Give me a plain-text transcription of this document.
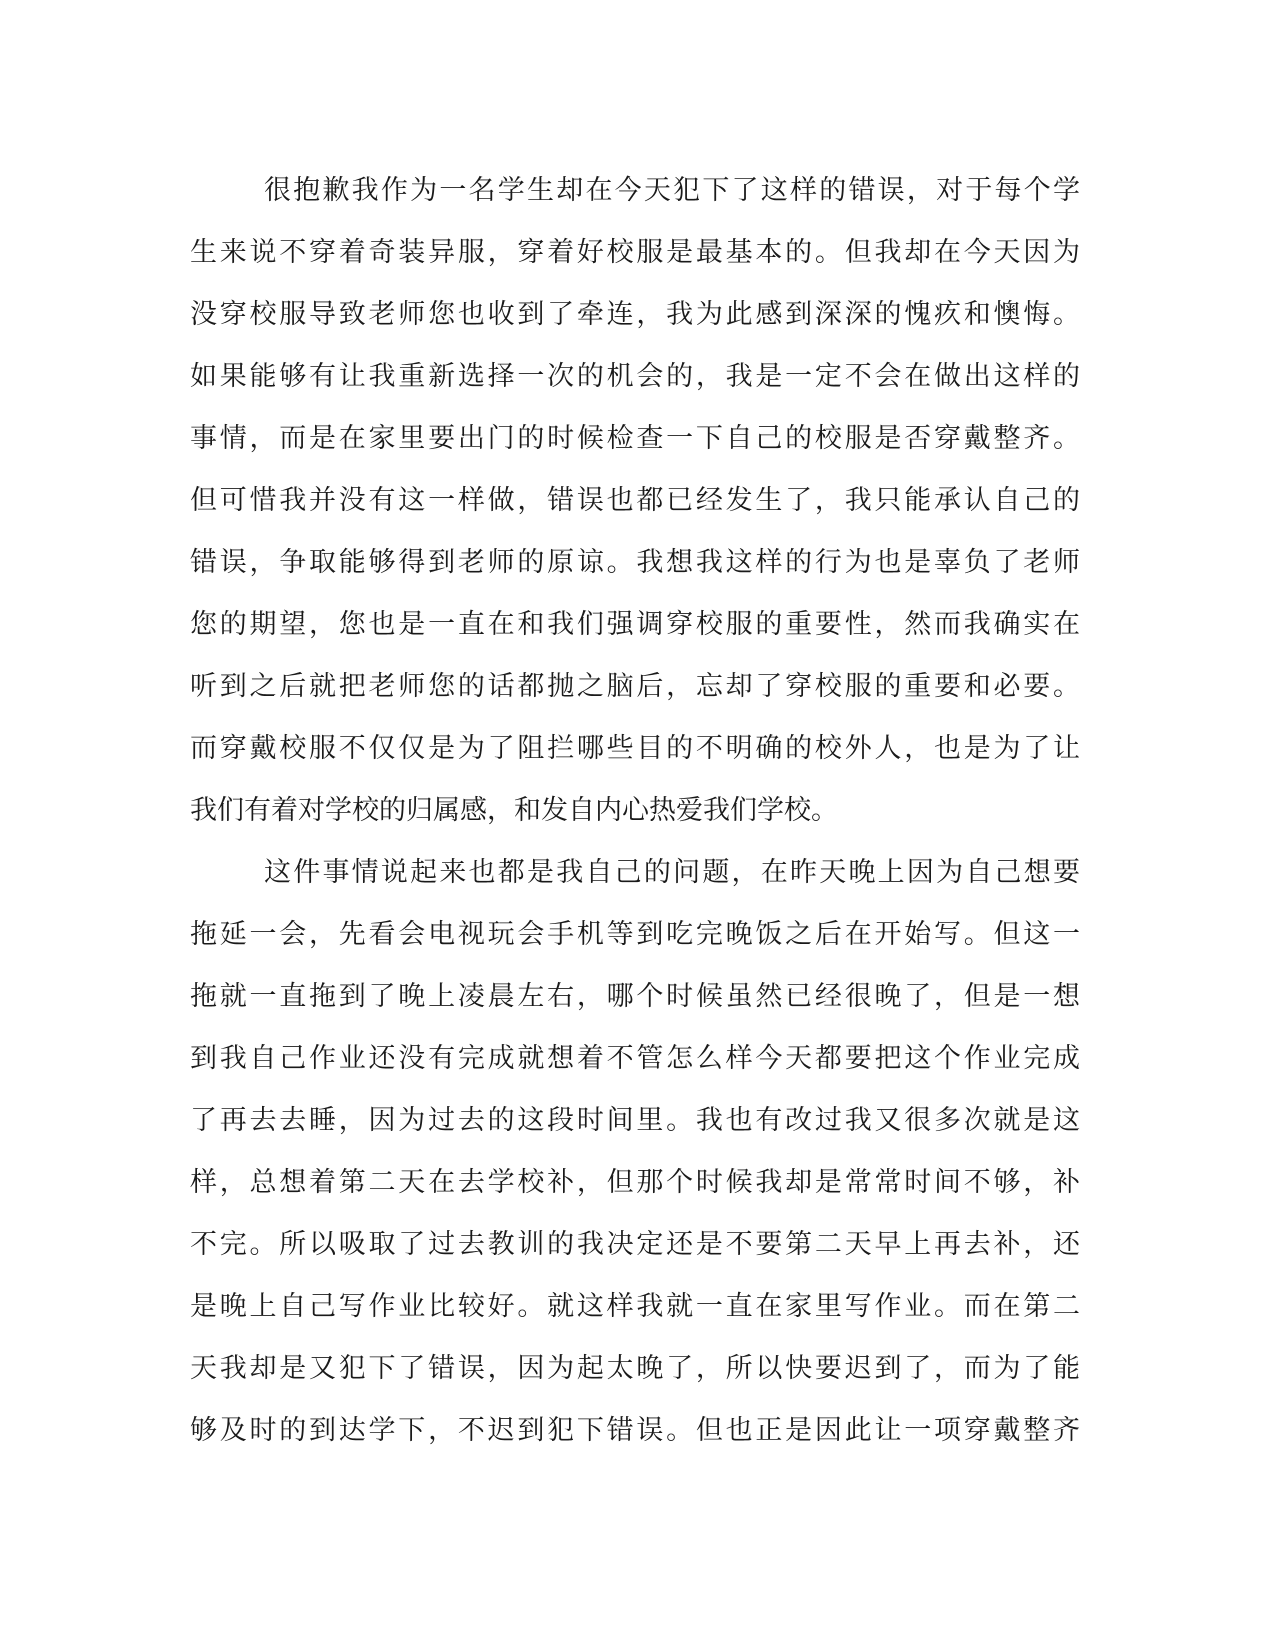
很抱歉我作为一名学生却在今天犯下了这样的错误，对于每个学
生来说不穿着奇装异服，穿着好校服是最基本的。但我却在今天因为
没穿校服导致老师您也收到了牵连，我为此感到深深的愧疚和懊悔。
如果能够有让我重新选择一次的机会的，我是一定不会在做出这样的
事情，而是在家里要出门的时候检查一下自己的校服是否穿戴整齐。
但可惜我并没有这一样做，错误也都已经发生了，我只能承认自己的
错误，争取能够得到老师的原谅。我想我这样的行为也是辜负了老师
您的期望，您也是一直在和我们强调穿校服的重要性，然而我确实在
听到之后就把老师您的话都抛之脑后，忘却了穿校服的重要和必要。
而穿戴校服不仅仅是为了阻拦哪些目的不明确的校外人，也是为了让
我们有着对学校的归属感，和发自内心热爱我们学校。
这件事情说起来也都是我自己的问题，在昨天晚上因为自己想要
拖延一会，先看会电视玩会手机等到吃完晚饭之后在开始写。但这一
拖就一直拖到了晚上凌晨左右，哪个时候虽然已经很晚了，但是一想
到我自己作业还没有完成就想着不管怎么样今天都要把这个作业完成
了再去去睡，因为过去的这段时间里。我也有改过我又很多次就是这
样，总想着第二天在去学校补，但那个时候我却是常常时间不够，补
不完。所以吸取了过去教训的我决定还是不要第二天早上再去补，还
是晚上自己写作业比较好。就这样我就一直在家里写作业。而在第二
天我却是又犯下了错误，因为起太晚了，所以快要迟到了，而为了能
够及时的到达学下，不迟到犯下错误。但也正是因此让一项穿戴整齐
